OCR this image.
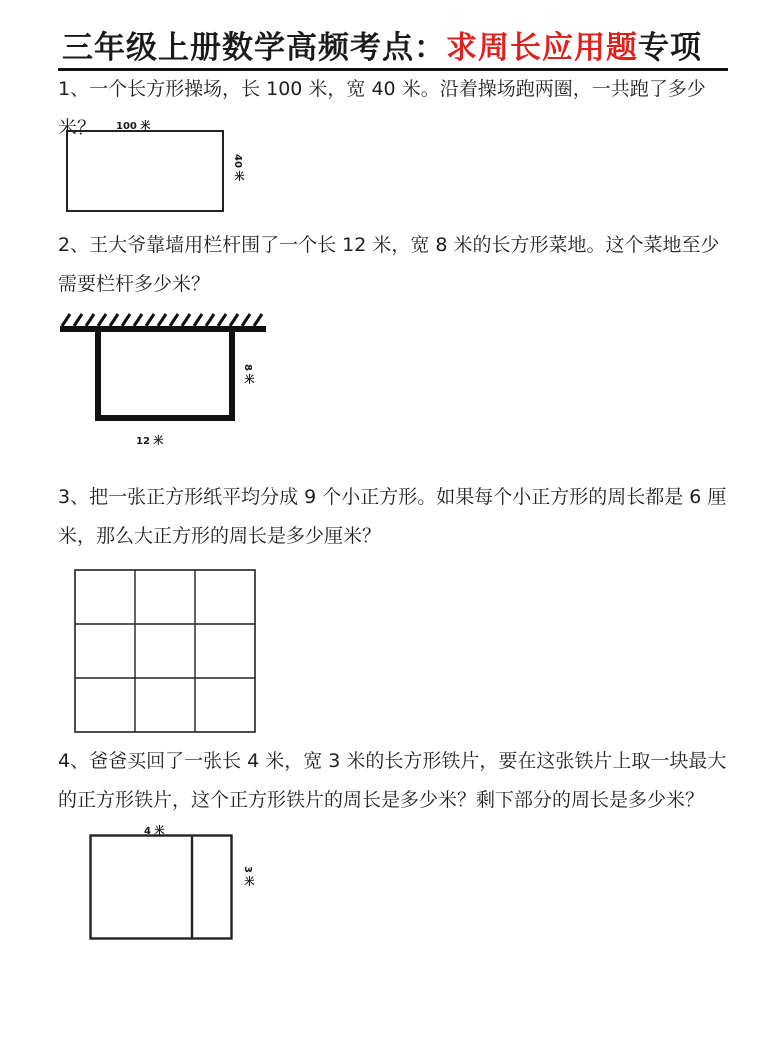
三年级上册数学高频考点：求周长应用题专项
1、一个长方形操场，长 100 米，宽 40 米。沿着操场跑两圈，一共跑了多少米？	100 米
40 米
2、王大爷靠墙用栏杆围了一个长 12 米，宽 8 米的长方形菜地。这个菜地至少需要栏杆多少米？
8 米
12 米
3、把一张正方形纸平均分成 9 个小正方形。如果每个小正方形的周长都是 6 厘米，那么大正方形的周长是多少厘米？
4、爸爸买回了一张长 4 米，宽 3 米的长方形铁片，要在这张铁片上取一块最大的正方形铁片，这个正方形铁片的周长是多少米？剩下部分的周长是多少米？
4 米
3 米
